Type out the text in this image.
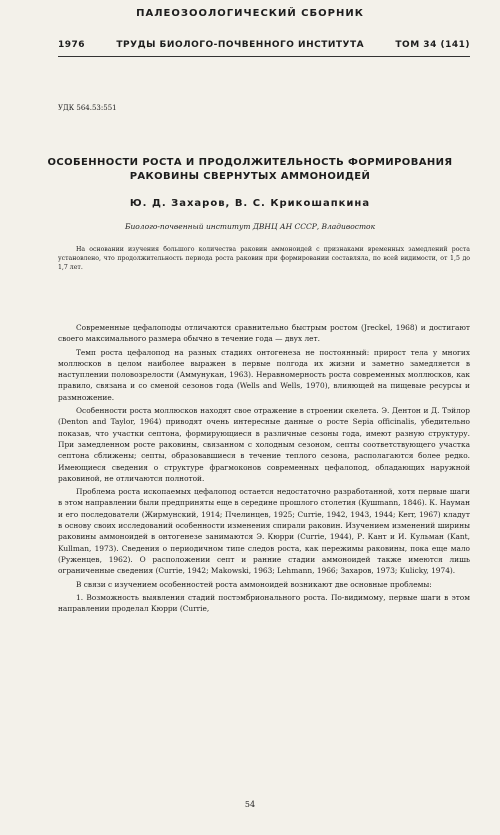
ПАЛЕОЗООЛОГИЧЕСКИЙ СБОРНИК
1976	ТРУДЫ БИОЛОГО-ПОЧВЕННОГО ИНСТИТУТА	ТОМ 34 (141)
УДК 564.53:551
ОСОБЕННОСТИ РОСТА И ПРОДОЛЖИТЕЛЬНОСТЬ ФОРМИРОВАНИЯ РАКОВИНЫ СВЕРНУТЫХ АММОНОИДЕЙ
Ю. Д. Захаров, В. С. Крикошапкина
Биолого-почвенный институт ДВНЦ АН СССР, Владивосток

На основании изучения большого количества раковин аммоноидей с признаками временных замедлений роста установлено, что продолжительность периода роста раковин при формировании составляла, по всей видимости, от 1,5 до 1,7 лет.

Современные цефалоподы отличаются сравнительно быстрым ростом (Jreckel, 1968) и достигают своего максимального размера обычно в течение года — двух лет.

Темп роста цефалопод на разных стадиях онтогенеза не постоянный: прирост тела у многих моллюсков в целом наиболее выражен в первые полгода их жизни и заметно замедляется в наступлении половозрелости (Аммунукан, 1963). Неравномерность роста современных моллюсков, как правило, связана и со сменой сезонов года (Wells and Wells, 1970), влияющей на пищевые ресурсы и размножение.

Особенности роста моллюсков находят свое отражение в строении скелета. Э. Дентон и Д. Тэйлор (Denton and Taylor, 1964) приводят очень интересные данные о росте Sepia officinalis, убедительно показав, что участки септона, формирующиеся в различные сезоны года, имеют разную структуру. При замедленном росте раковины, связанном с холодным сезоном, септы соответствующего участка септона сближены; септы, образовавшиеся в течение теплого сезона, располагаются более редко. Имеющиеся сведения о структуре фрагмоконов современных цефалопод, обладающих наружной раковиной, не отличаются полнотой.

Проблема роста ископаемых цефалопод остается недостаточно разработанной, хотя первые шаги в этом направлении были предприняты еще в середине прошлого столетия (Kyшmann, 1846). К. Науман и его последователи (Жирмунский, 1914; Пчелинцев, 1925; Currie, 1942, 1943, 1944; Kerr, 1967) кладут в основу своих исследований особенности изменения спирали раковин. Изучением изменений ширины раковины аммоноидей в онтогенезе занимаются Э. Кюрри (Currie, 1944), Р. Кант и И. Кульман (Kant, Kullman, 1973). Сведения о периодичном типе следов роста, как пережимы раковины, пока еще мало (Руженцев, 1962). О расположении септ и ранние стадии аммоноидей также имеются лишь ограниченные сведения (Currie, 1942; Makowski, 1963; Lehmann, 1966; Захаров, 1973; Kulicky, 1974).

В связи с изучением особенностей роста аммоноидей возникают две основные проблемы:

1. Возможность выявления стадий постэмбрионального роста. По-видимому, первые шаги в этом направлении проделал Кюрри (Currie,

54
